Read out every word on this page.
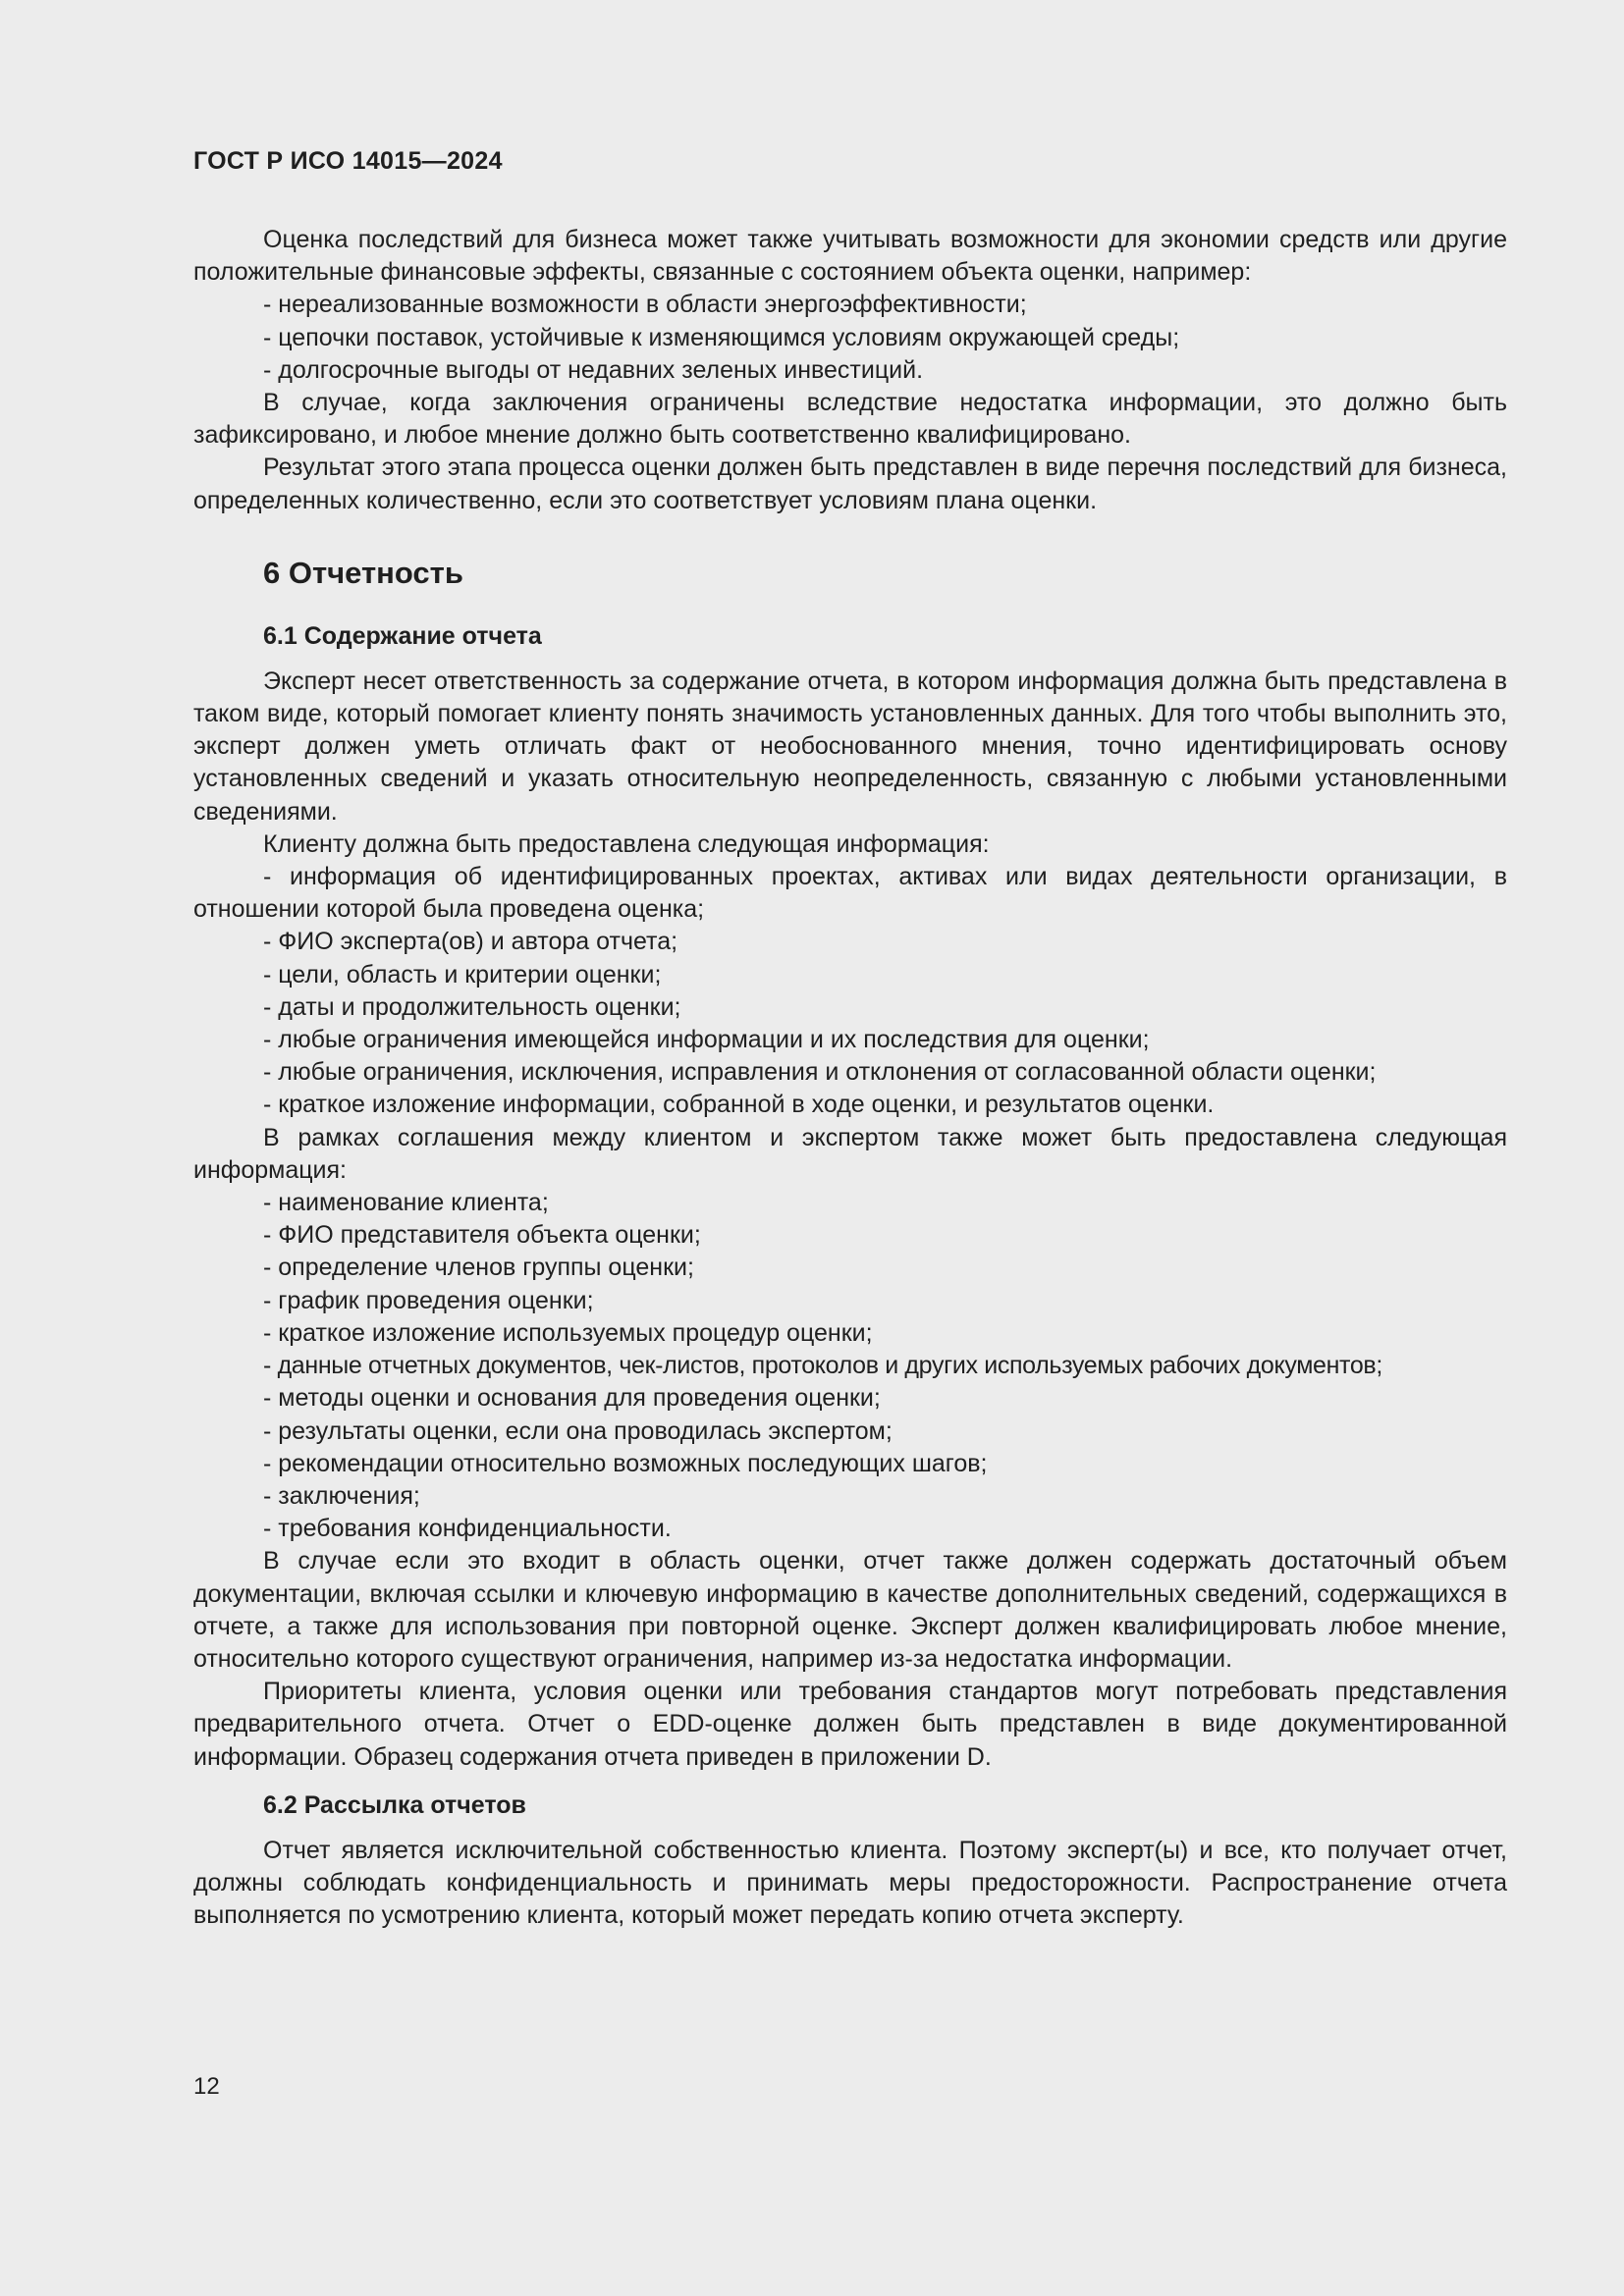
ГОСТ Р ИСО 14015—2024

Оценка последствий для бизнеса может также учитывать возможности для экономии средств или другие положительные финансовые эффекты, связанные с состоянием объекта оценки, например:

- нереализованные возможности в области энергоэффективности;

- цепочки поставок, устойчивые к изменяющимся условиям окружающей среды;

- долгосрочные выгоды от недавних зеленых инвестиций.

В случае, когда заключения ограничены вследствие недостатка информации, это должно быть зафиксировано, и любое мнение должно быть соответственно квалифицировано.

Результат этого этапа процесса оценки должен быть представлен в виде перечня последствий для бизнеса, определенных количественно, если это соответствует условиям плана оценки.

6 Отчетность
6.1 Содержание отчета

Эксперт несет ответственность за содержание отчета, в котором информация должна быть представлена в таком виде, который помогает клиенту понять значимость установленных данных. Для того чтобы выполнить это, эксперт должен уметь отличать факт от необоснованного мнения, точно идентифицировать основу установленных сведений и указать относительную неопределенность, связанную с любыми установленными сведениями.

Клиенту должна быть предоставлена следующая информация:

- информация об идентифицированных проектах, активах или видах деятельности организации, в отношении которой была проведена оценка;

- ФИО эксперта(ов) и автора отчета;

- цели, область и критерии оценки;

- даты и продолжительность оценки;

- любые ограничения имеющейся информации и их последствия для оценки;

- любые ограничения, исключения, исправления и отклонения от согласованной области оценки;

- краткое изложение информации, собранной в ходе оценки, и результатов оценки.

В рамках соглашения между клиентом и экспертом также может быть предоставлена следующая информация:

- наименование клиента;

- ФИО представителя объекта оценки;

- определение членов группы оценки;

- график проведения оценки;

- краткое изложение используемых процедур оценки;

- данные отчетных документов, чек-листов, протоколов и других используемых рабочих документов;

- методы оценки и основания для проведения оценки;

- результаты оценки, если она проводилась экспертом;

- рекомендации относительно возможных последующих шагов;

- заключения;

- требования конфиденциальности.

В случае если это входит в область оценки, отчет также должен содержать достаточный объем документации, включая ссылки и ключевую информацию в качестве дополнительных сведений, содержащихся в отчете, а также для использования при повторной оценке. Эксперт должен квалифицировать любое мнение, относительно которого существуют ограничения, например из-за недостатка информации.

Приоритеты клиента, условия оценки или требования стандартов могут потребовать представления предварительного отчета. Отчет о EDD-оценке должен быть представлен в виде документированной информации. Образец содержания отчета приведен в приложении D.

6.2 Рассылка отчетов

Отчет является исключительной собственностью клиента. Поэтому эксперт(ы) и все, кто получает отчет, должны соблюдать конфиденциальность и принимать меры предосторожности. Распространение отчета выполняется по усмотрению клиента, который может передать копию отчета эксперту.

12
